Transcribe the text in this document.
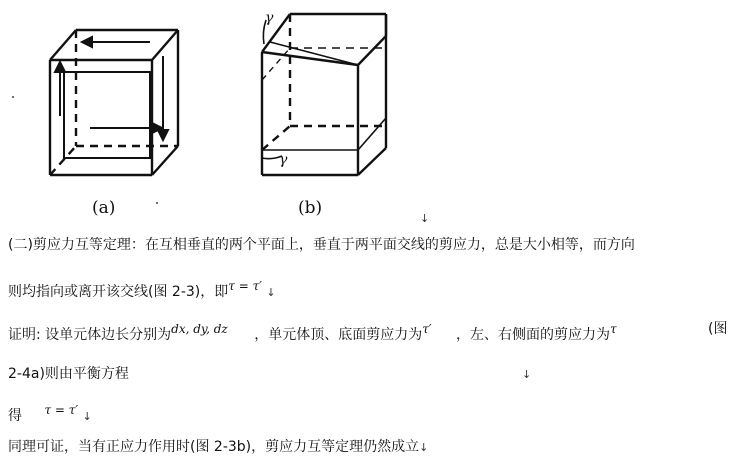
γ
γ
(a)	(b)
↓
(二)剪应力互等定理：在互相垂直的两个平面上，垂直于两平面交线的剪应力，总是大小相等，而方向
则均指向或离开该交线(图 2-3)，即τ = τ′ ↓
证明: 设单元体边长分别为dx, dy, dz ，单元体顶、底面剪应力为τ′ ，左、右侧面的剪应力为τ	(图
2-4a)则由平衡方程	↓
得 τ = τ′ ↓
同理可证，当有正应力作用时(图 2-3b)，剪应力互等定理仍然成立↓
